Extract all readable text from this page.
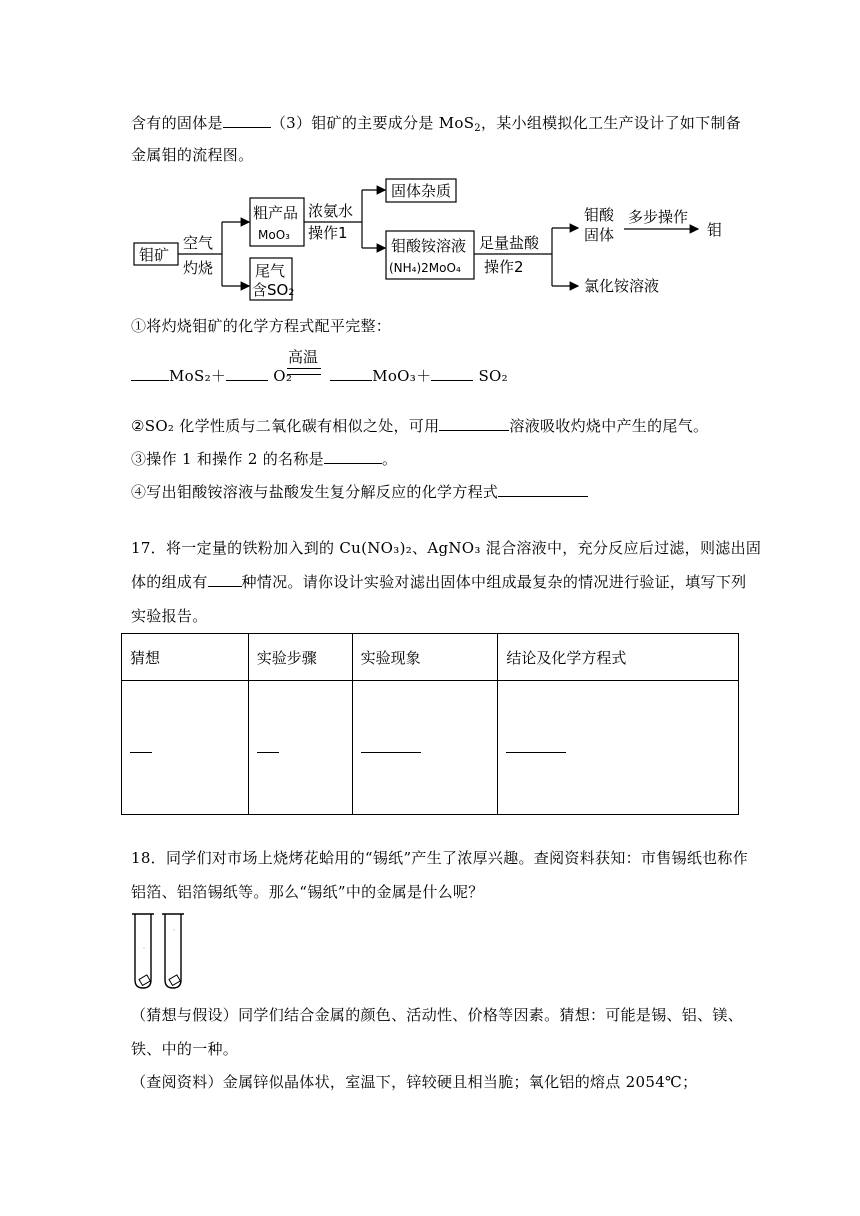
含有的固体是	（3）钼矿的主要成分是 MoS$_2$，某小组模拟化工生产设计了如下制备
金属钼的流程图。
钼矿
空气
灼烧
粗产品
MoO₃
尾气
含SO₂
浓氨水
操作1
固体杂质
钼酸铵溶液
(NH₄)2MoO₄
足量盐酸
操作2
钼酸
固体
多步操作
钼
氯化铵溶液
①将灼烧钼矿的化学方程式配平完整：
高温
MoS₂＋	O₂	MoO₃＋	SO₂
②SO₂ 化学性质与二氧化碳有相似之处，可用	溶液吸收灼烧中产生的尾气。
③操作 1 和操作 2 的名称是	。
④写出钼酸铵溶液与盐酸发生复分解反应的化学方程式
17．将一定量的铁粉加入到的 Cu(NO₃)₂、AgNO₃ 混合溶液中，充分反应后过滤，则滤出固
体的组成有 种情况。请你设计实验对滤出固体中组成最复杂的情况进行验证，填写下列
实验报告。
猜想	实验步骤	实验现象	结论及化学方程式

18．同学们对市场上烧烤花蛤用的“锡纸”产生了浓厚兴趣。查阅资料获知：市售锡纸也称作
铝箔、铝箔锡纸等。那么“锡纸”中的金属是什么呢？
°
°
（猜想与假设）同学们结合金属的颜色、活动性、价格等因素。猜想：可能是锡、铝、镁、
铁、中的一种。
（查阅资料）金属锌似晶体状，室温下，锌较硬且相当脆；氧化铝的熔点 2054℃；
